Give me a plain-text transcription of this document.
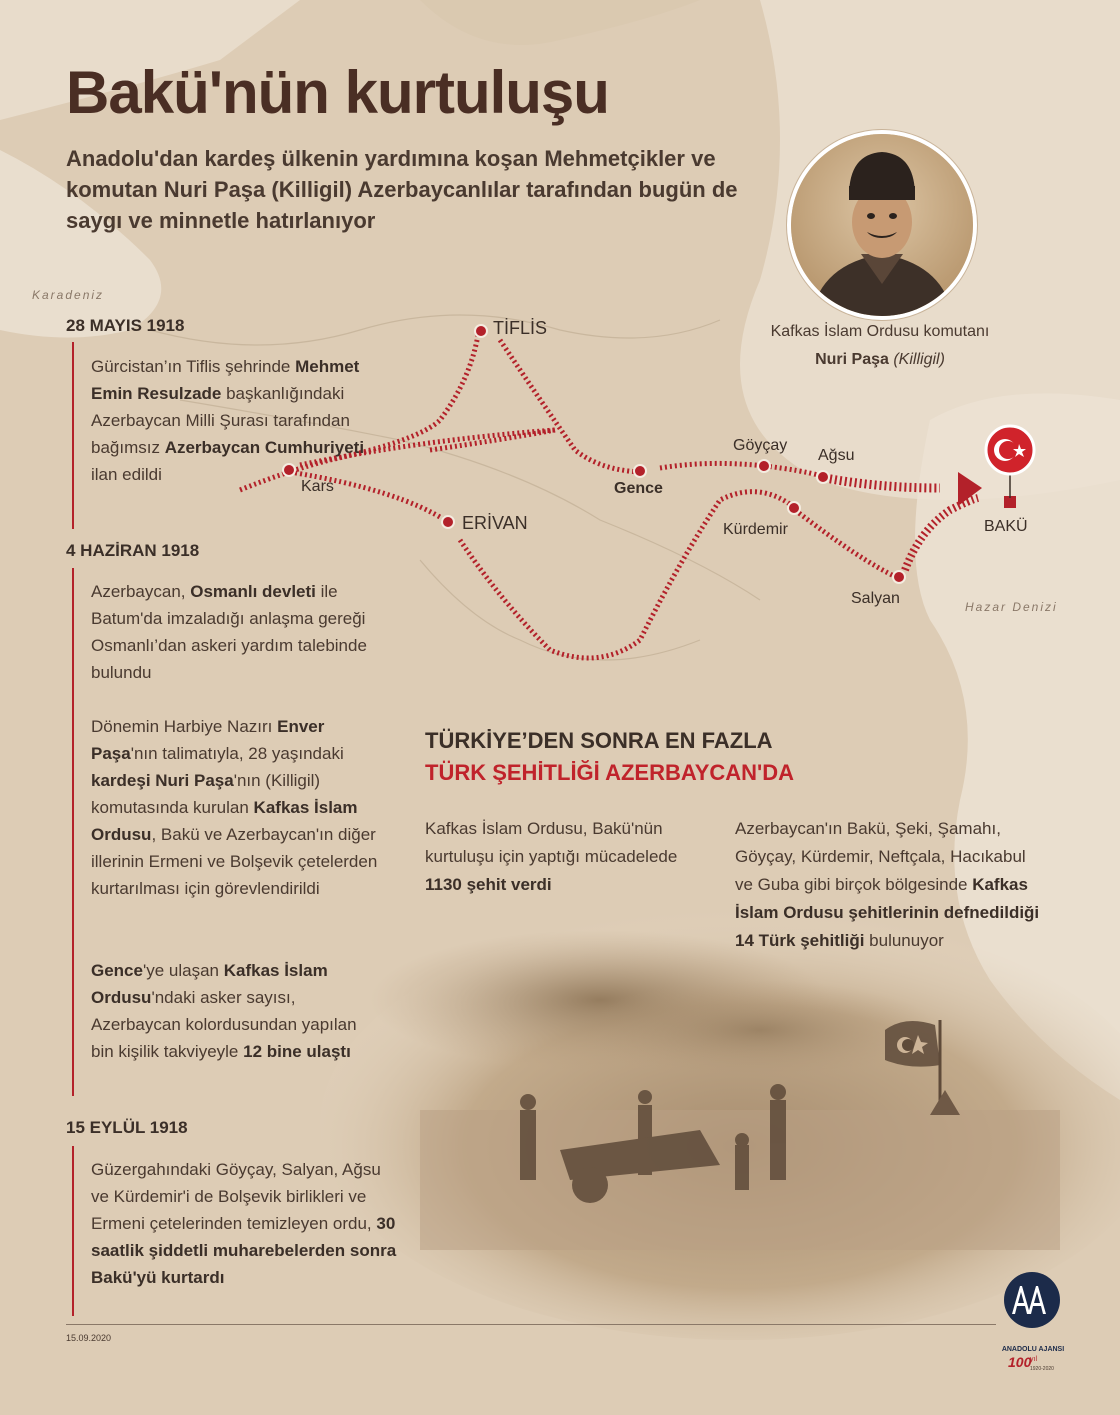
Bakü'nün kurtuluşu
Anadolu'dan kardeş ülkenin yardımına koşan Mehmetçikler ve komutan Nuri Paşa (Killigil) Azerbaycanlılar tarafından bugün de saygı ve minnetle hatırlanıyor
Karadeniz
Hazar Denizi
Kafkas İslam Ordusu komutanı
Nuri Paşa (Killigil)
28 MAYIS 1918
Gürcistan’ın Tiflis şehrinde Mehmet Emin Resulzade başkanlığındaki Azerbaycan Milli Şurası tarafından bağımsız Azerbaycan Cumhuriyeti ilan edildi
4 HAZİRAN 1918
Azerbaycan, Osmanlı devleti ile Batum'da imzaladığı anlaşma gereği Osmanlı’dan askeri yardım talebinde bulundu
Dönemin Harbiye Nazırı Enver Paşa'nın talimatıyla, 28 yaşındaki kardeşi Nuri Paşa'nın (Killigil) komutasında kurulan Kafkas İslam Ordusu, Bakü ve Azerbaycan'ın diğer illerinin Ermeni ve Bolşevik çetelerden kurtarılması için görevlendirildi
Gence'ye ulaşan Kafkas İslam Ordusu'ndaki asker sayısı, Azerbaycan kolordusundan yapılan bin kişilik takviyeyle 12 bine ulaştı
15 EYLÜL 1918
Güzergahındaki Göyçay, Salyan, Ağsu ve Kürdemir'i de Bolşevik birlikleri ve Ermeni çetelerinden temizleyen ordu, 30 saatlik şiddetli muharebelerden sonra Bakü'yü kurtardı
TİFLİS
Kars
ERİVAN
Gence
Göyçay
Ağsu
Kürdemir
Salyan
BAKÜ
TÜRKİYE’DEN SONRA EN FAZLA
TÜRK ŞEHİTLİĞİ AZERBAYCAN'DA
Kafkas İslam Ordusu, Bakü'nün kurtuluşu için yaptığı mücadelede 1130 şehit verdi
Azerbaycan'ın Bakü, Şeki, Şamahı, Göyçay, Kürdemir, Neftçala, Hacıkabul ve Guba gibi birçok bölgesinde Kafkas İslam Ordusu şehitlerinin defnedildiği 14 Türk şehitliği bulunuyor
15.09.2020
ANADOLU AJANSI
100
yıl
1920-2020
